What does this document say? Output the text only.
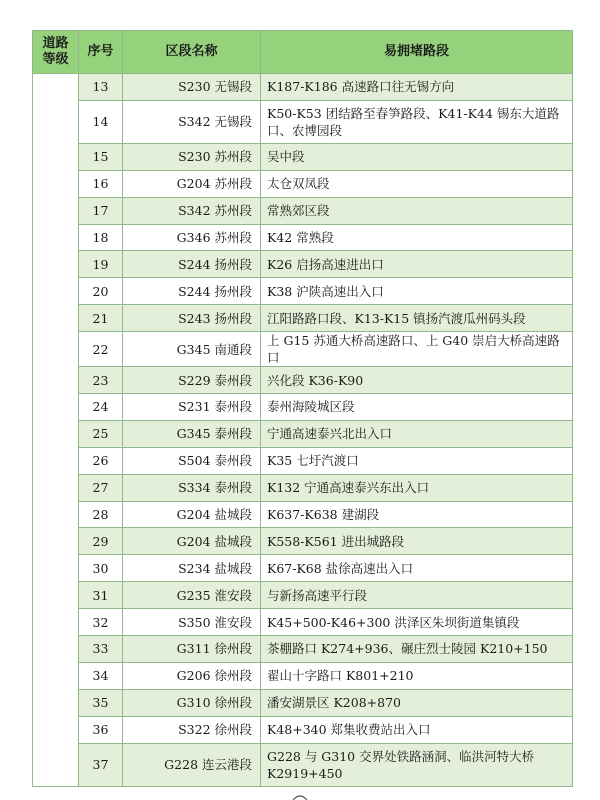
道路
等级	序号	区段名称	易拥堵路段
	13	S230 无锡段	K187-K186 高速路口往无锡方向
	14	S342 无锡段	K50-K53 团结路至春笋路段、K41-K44 锡东大道路口、农博园段
	15	S230 苏州段	吴中段
	16	G204 苏州段	太仓双凤段
	17	S342 苏州段	常熟郊区段
	18	G346 苏州段	K42 常熟段
	19	S244 扬州段	K26 启扬高速进出口
	20	S244 扬州段	K38 沪陕高速出入口
	21	S243 扬州段	江阳路路口段、K13-K15 镇扬汽渡瓜州码头段
	22	G345 南通段	上 G15 苏通大桥高速路口、上 G40 崇启大桥高速路口
	23	S229 泰州段	兴化段 K36-K90
	24	S231 泰州段	泰州海陵城区段
	25	G345 泰州段	宁通高速泰兴北出入口
	26	S504 泰州段	K35 七圩汽渡口
	27	S334 泰州段	K132 宁通高速泰兴东出入口
	28	G204 盐城段	K637-K638 建湖段
	29	G204 盐城段	K558-K561 进出城路段
	30	S234 盐城段	K67-K68 盐徐高速出入口
	31	G235 淮安段	与新扬高速平行段
	32	S350 淮安段	K45+500-K46+300 洪泽区朱坝街道集镇段
	33	G311 徐州段	茶棚路口 K274+936、碾庄烈士陵园 K210+150
	34	G206 徐州段	翟山十字路口 K801+210
	35	G310 徐州段	潘安湖景区 K208+870
	36	S322 徐州段	K48+340 郑集收费站出入口
	37	G228 连云港段	G228 与 G310 交界处铁路涵洞、临洪河特大桥 K2919+450
